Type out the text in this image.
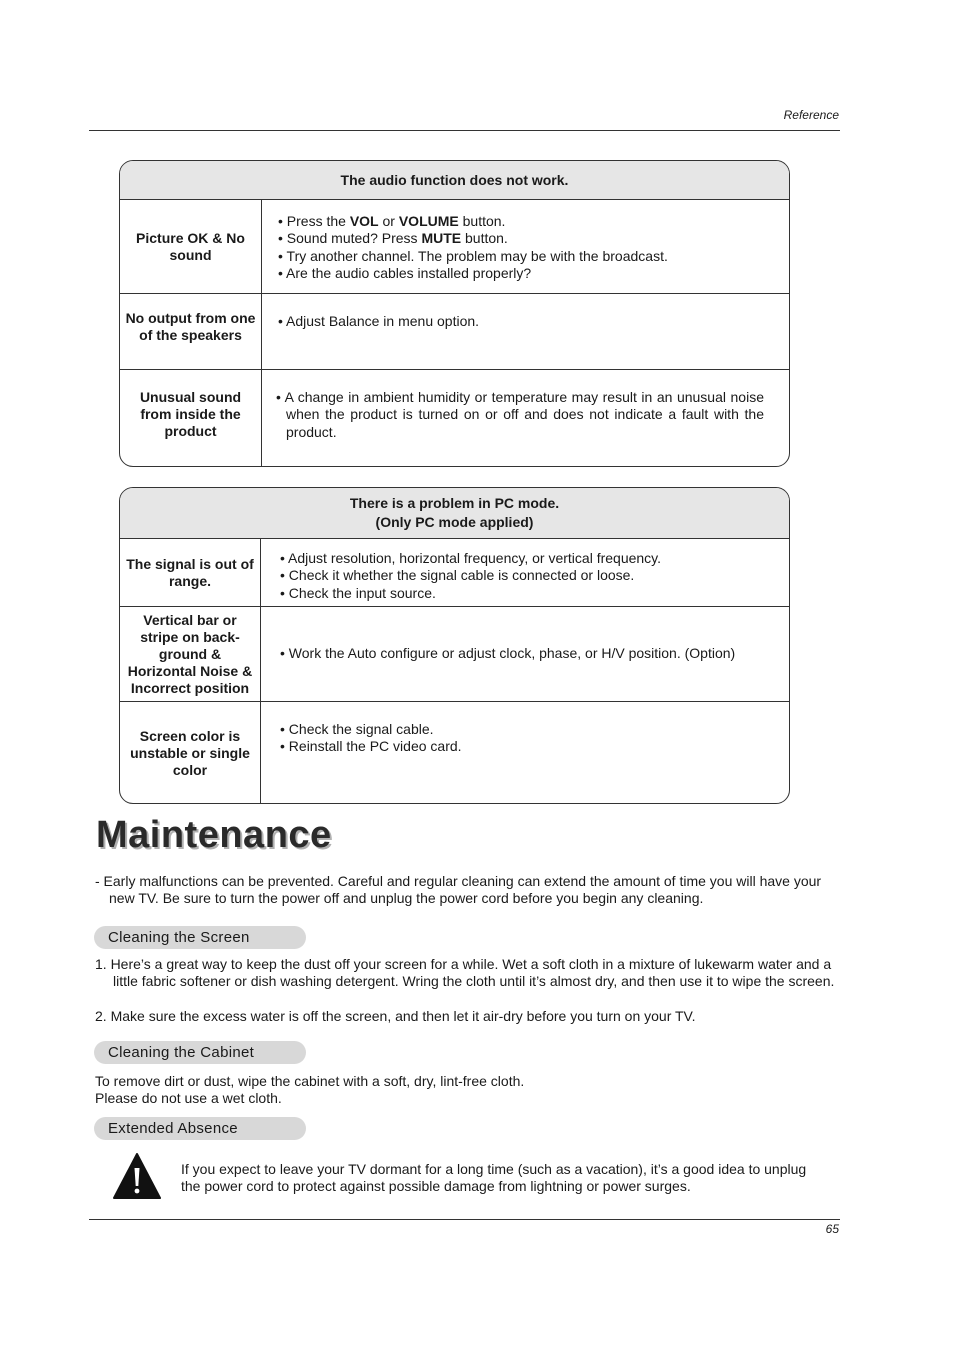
Reference
The audio function does not work.
Picture OK & No sound
• Press the VOL or VOLUME button.
• Sound muted? Press MUTE button.
• Try another channel. The problem may be with the broadcast.
• Are the audio cables installed properly?
No output from one of the speakers
• Adjust Balance in menu option.
Unusual sound from inside the product
• A change in ambient humidity or temperature may result in an unusual noise when the product is turned on or off and does not indicate a fault with the product.
There is a problem in PC mode.
(Only PC mode applied)
The signal is out of range.
• Adjust resolution, horizontal frequency, or vertical frequency.
• Check it whether the signal cable is connected or loose.
• Check the input source.
Vertical bar or stripe on back-ground & Horizontal Noise & Incorrect position
• Work the Auto configure or adjust clock, phase, or H/V position. (Option)
Screen color is unstable or single color
• Check the signal cable.
• Reinstall the PC video card.
Maintenance
- Early malfunctions can be prevented. Careful and regular cleaning can extend the amount of time you will have your new TV. Be sure to turn the power off and unplug the power cord before you begin any cleaning.
Cleaning the Screen
1. Here’s a great way to keep the dust off your screen for a while. Wet a soft cloth in a mixture of lukewarm water and a little fabric softener or dish washing detergent. Wring the cloth until it’s almost dry, and then use it to wipe the screen.
2. Make sure the excess water is off the screen, and then let it air-dry before you turn on your TV.
Cleaning the Cabinet
To remove dirt or dust, wipe the cabinet with a soft, dry, lint-free cloth.
Please do not use a wet cloth.
Extended Absence
If you expect to leave your TV dormant for a long time (such as a vacation), it’s a good idea to unplug the power cord to protect against possible damage from lightning or power surges.
65
